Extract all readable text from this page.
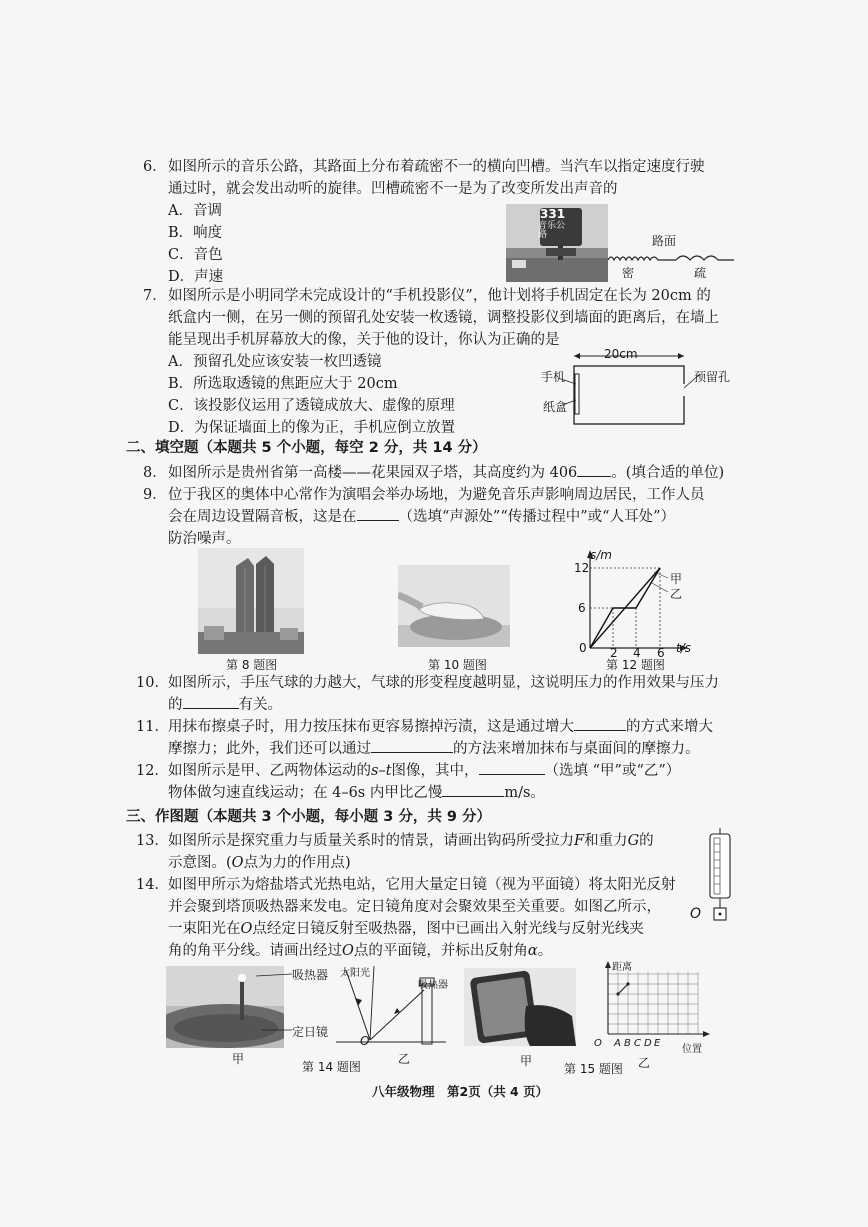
6． 如图所示的音乐公路，其路面上分布着疏密不一的横向凹槽。当汽车以指定速度行驶
通过时，就会发出动听的旋律。凹槽疏密不一是为了改变所发出声音的
A．音调
B．响度
C．音色
D．声速
331
音乐公路	路面
密	疏
7． 如图所示是小明同学未完成设计的“手机投影仪”，他计划将手机固定在长为 20cm 的
纸盒内一侧，在另一侧的预留孔处安装一枚透镜，调整投影仪到墙面的距离后，在墙上
能呈现出手机屏幕放大的像，关于他的设计，你认为正确的是
A．预留孔处应该安装一枚凹透镜
B．所选取透镜的焦距应大于 20cm
C．该投影仪运用了透镜成放大、虚像的原理
D．为保证墙面上的像为正，手机应倒立放置
20cm
手机	预留孔
纸盒
二、填空题（本题共 5 个小题，每空 2 分，共 14 分）
8． 如图所示是贵州省第一高楼——花果园双子塔，其高度约为 406 。(填合适的单位)
9． 位于我区的奥体中心常作为演唱会举办场地，为避免音乐声影响周边居民，工作人员
会在周边设置隔音板，这是在	（选填“声源处”“传播过程中”或“人耳处”）
防治噪声。
第 8 题图	第 10 题图
s/m
12
6
0 2 4 6 t/s
甲
乙
第 12 题图
10． 如图所示，手压气球的力越大，气球的形变程度越明显，这说明压力的作用效果与压力
的	有关。
11． 用抹布擦桌子时，用力按压抹布更容易擦掉污渍，这是通过增大	的方式来增大
摩擦力；此外，我们还可以通过	的方法来增加抹布与桌面间的摩擦力。
12． 如图所示是甲、乙两物体运动的s–t图像，其中，	（选填 “甲”或“乙”）
物体做匀速直线运动；在 4–6s 内甲比乙慢	m/s。
三、作图题（本题共 3 个小题，每小题 3 分，共 9 分）
13． 如图所示是探究重力与质量关系时的情景，请画出钩码所受拉力F和重力G的
示意图。(O点为力的作用点)
O
14． 如图甲所示为熔盐塔式光热电站，它用大量定日镜（视为平面镜）将太阳光反射
并会聚到塔顶吸热器来发电。定日镜角度对会聚效果至关重要。如图乙所示，
一束阳光在O点经定日镜反射至吸热器，图中已画出入射光线与反射光线夹
角的角平分线。请画出经过O点的平面镜，并标出反射角α。
吸热器
定日镜
甲
太阳光
吸热器
O
第 14 题图
乙	甲
第 15 题图
距离
O A B C D E
位置
乙
八年级物理　第2页（共 4 页）
